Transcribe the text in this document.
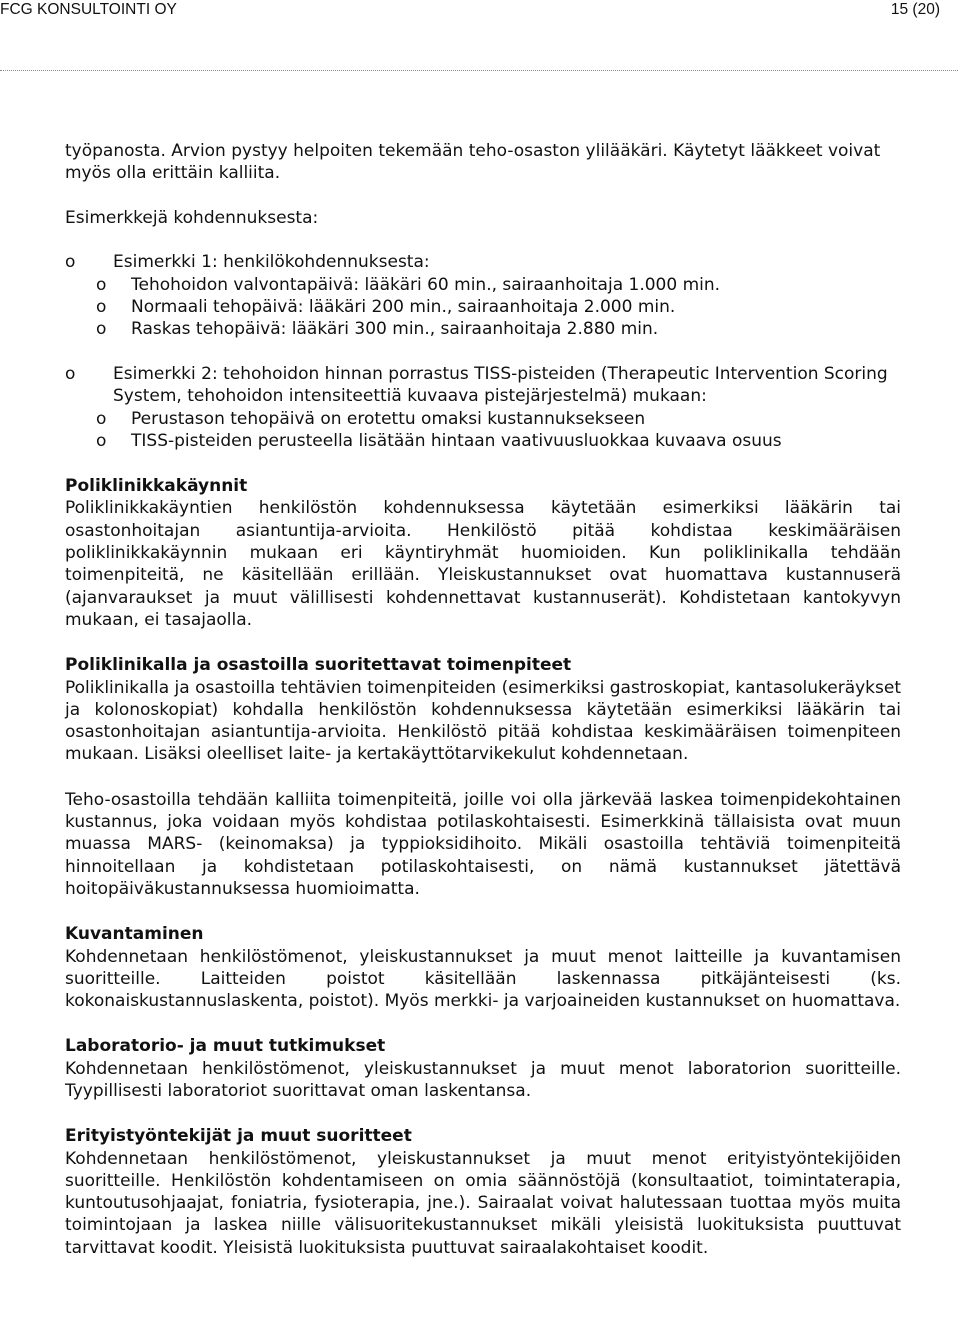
FCG KONSULTOINTI OY	15 (20)

työpanosta. Arvion pystyy helpoiten tekemään teho-osaston ylilääkäri. Käytetyt lääkkeet voivat myös olla erittäin kalliita.

Esimerkkejä kohdennuksesta:

o Esimerkki 1: henkilökohdennuksesta:
o Tehohoidon valvontapäivä: lääkäri 60 min., sairaanhoitaja 1.000 min.
o Normaali tehopäivä: lääkäri 200 min., sairaanhoitaja 2.000 min.
o Raskas tehopäivä: lääkäri 300 min., sairaanhoitaja 2.880 min.
o Esimerkki 2: tehohoidon hinnan porrastus TISS-pisteiden (Therapeutic Intervention Scoring System, tehohoidon intensiteettiä kuvaava pistejärjestelmä) mukaan:
o Perustason tehopäivä on erotettu omaksi kustannuksekseen
o TISS-pisteiden perusteella lisätään hintaan vaativuusluokkaa kuvaava osuus

Poliklinikkakäynnit

Poliklinikkakäyntien henkilöstön kohdennuksessa käytetään esimerkiksi lääkärin tai osastonhoitajan asiantuntija-arvioita. Henkilöstö pitää kohdistaa keskimääräisen poliklinikkakäynnin mukaan eri käyntiryhmät huomioiden. Kun poliklinikalla tehdään toimenpiteitä, ne käsitellään erillään. Yleiskustannukset ovat huomattava kustannuserä (ajanvaraukset ja muut välillisesti kohdennettavat kustannuserät). Kohdistetaan kantokyvyn mukaan, ei tasajaolla.

Poliklinikalla ja osastoilla suoritettavat toimenpiteet

Poliklinikalla ja osastoilla tehtävien toimenpiteiden (esimerkiksi gastroskopiat, kantasolukeräykset ja kolonoskopiat) kohdalla henkilöstön kohdennuksessa käytetään esimerkiksi lääkärin tai osastonhoitajan asiantuntija-arvioita. Henkilöstö pitää kohdistaa keskimääräisen toimenpiteen mukaan. Lisäksi oleelliset laite- ja kertakäyttötarvikekulut kohdennetaan.

Teho-osastoilla tehdään kalliita toimenpiteitä, joille voi olla järkevää laskea toimenpidekohtainen kustannus, joka voidaan myös kohdistaa potilaskohtaisesti. Esimerkkinä tällaisista ovat muun muassa MARS- (keinomaksa) ja typpioksidihoito. Mikäli osastoilla tehtäviä toimenpiteitä hinnoitellaan ja kohdistetaan potilaskohtaisesti, on nämä kustannukset jätettävä hoitopäiväkustannuksessa huomioimatta.

Kuvantaminen

Kohdennetaan henkilöstömenot, yleiskustannukset ja muut menot laitteille ja kuvantamisen suoritteille. Laitteiden poistot käsitellään laskennassa pitkäjänteisesti (ks. kokonaiskustannuslaskenta, poistot). Myös merkki- ja varjoaineiden kustannukset on huomattava.

Laboratorio- ja muut tutkimukset

Kohdennetaan henkilöstömenot, yleiskustannukset ja muut menot laboratorion suoritteille. Tyypillisesti laboratoriot suorittavat oman laskentansa.

Erityistyöntekijät ja muut suoritteet

Kohdennetaan henkilöstömenot, yleiskustannukset ja muut menot erityistyöntekijöiden suoritteille. Henkilöstön kohdentamiseen on omia säännöstöjä (konsultaatiot, toimintaterapia, kuntoutusohjaajat, foniatria, fysioterapia, jne.). Sairaalat voivat halutessaan tuottaa myös muita toimintojaan ja laskea niille välisuoritekustannukset mikäli yleisistä luokituksista puuttuvat tarvittavat koodit. Yleisistä luokituksista puuttuvat sairaalakohtaiset koodit.
